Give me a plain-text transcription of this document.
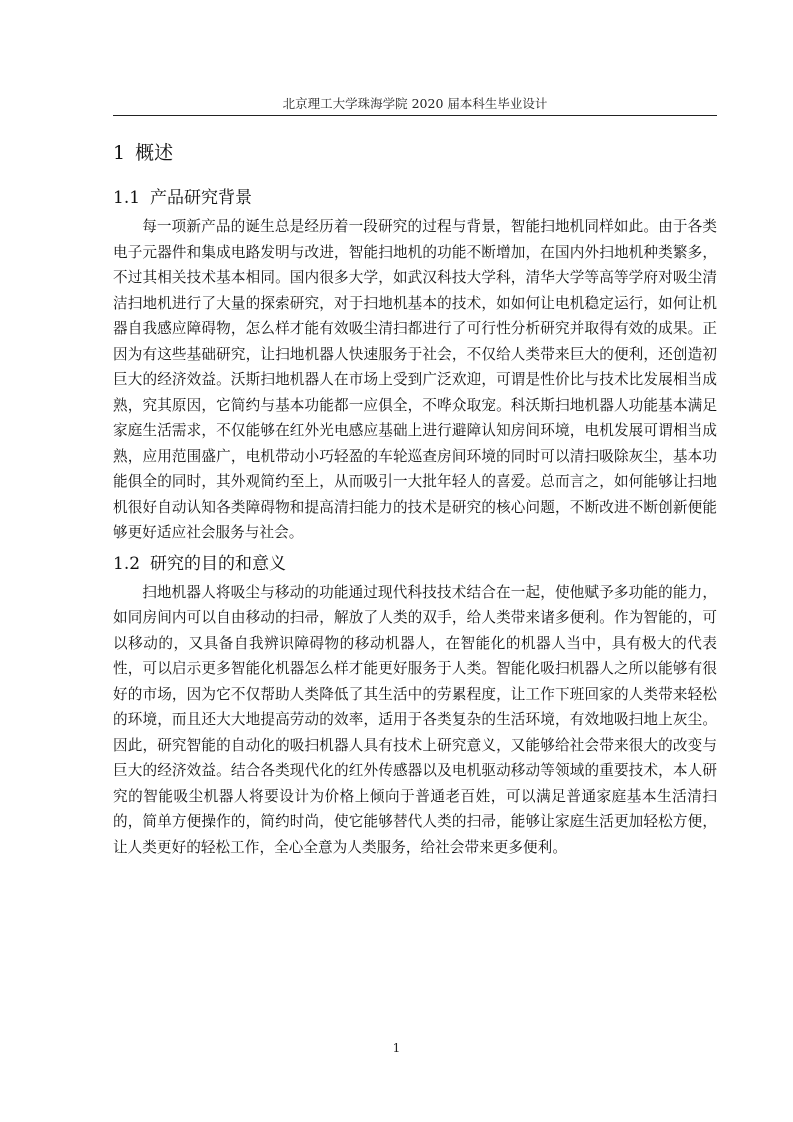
北京理工大学珠海学院 2020 届本科生毕业设计
1 概述
1.1 产品研究背景

每一项新产品的诞生总是经历着一段研究的过程与背景，智能扫地机同样如此。由于各类电子元器件和集成电路发明与改进，智能扫地机的功能不断增加，在国内外扫地机种类繁多，不过其相关技术基本相同。国内很多大学，如武汉科技大学科，清华大学等高等学府对吸尘清洁扫地机进行了大量的探索研究，对于扫地机基本的技术，如如何让电机稳定运行，如何让机器自我感应障碍物，怎么样才能有效吸尘清扫都进行了可行性分析研究并取得有效的成果。正因为有这些基础研究，让扫地机器人快速服务于社会，不仅给人类带来巨大的便利，还创造初巨大的经济效益。沃斯扫地机器人在市场上受到广泛欢迎，可谓是性价比与技术比发展相当成熟，究其原因，它简约与基本功能都一应俱全，不哗众取宠。科沃斯扫地机器人功能基本满足家庭生活需求，不仅能够在红外光电感应基础上进行避障认知房间环境，电机发展可谓相当成熟，应用范围盛广，电机带动小巧轻盈的车轮巡查房间环境的同时可以清扫吸除灰尘，基本功能俱全的同时，其外观简约至上，从而吸引一大批年轻人的喜爱。总而言之，如何能够让扫地机很好自动认知各类障碍物和提高清扫能力的技术是研究的核心问题，不断改进不断创新便能够更好适应社会服务与社会。

1.2 研究的目的和意义

扫地机器人将吸尘与移动的功能通过现代科技技术结合在一起，使他赋予多功能的能力，如同房间内可以自由移动的扫帚，解放了人类的双手，给人类带来诸多便利。作为智能的，可以移动的，又具备自我辨识障碍物的移动机器人，在智能化的机器人当中，具有极大的代表性，可以启示更多智能化机器怎么样才能更好服务于人类。智能化吸扫机器人之所以能够有很好的市场，因为它不仅帮助人类降低了其生活中的劳累程度，让工作下班回家的人类带来轻松的环境，而且还大大地提高劳动的效率，适用于各类复杂的生活环境，有效地吸扫地上灰尘。因此，研究智能的自动化的吸扫机器人具有技术上研究意义，又能够给社会带来很大的改变与巨大的经济效益。结合各类现代化的红外传感器以及电机驱动移动等领域的重要技术，本人研究的智能吸尘机器人将要设计为价格上倾向于普通老百姓，可以满足普通家庭基本生活清扫的，简单方便操作的，简约时尚，使它能够替代人类的扫帚，能够让家庭生活更加轻松方便，让人类更好的轻松工作，全心全意为人类服务，给社会带来更多便利。

1
